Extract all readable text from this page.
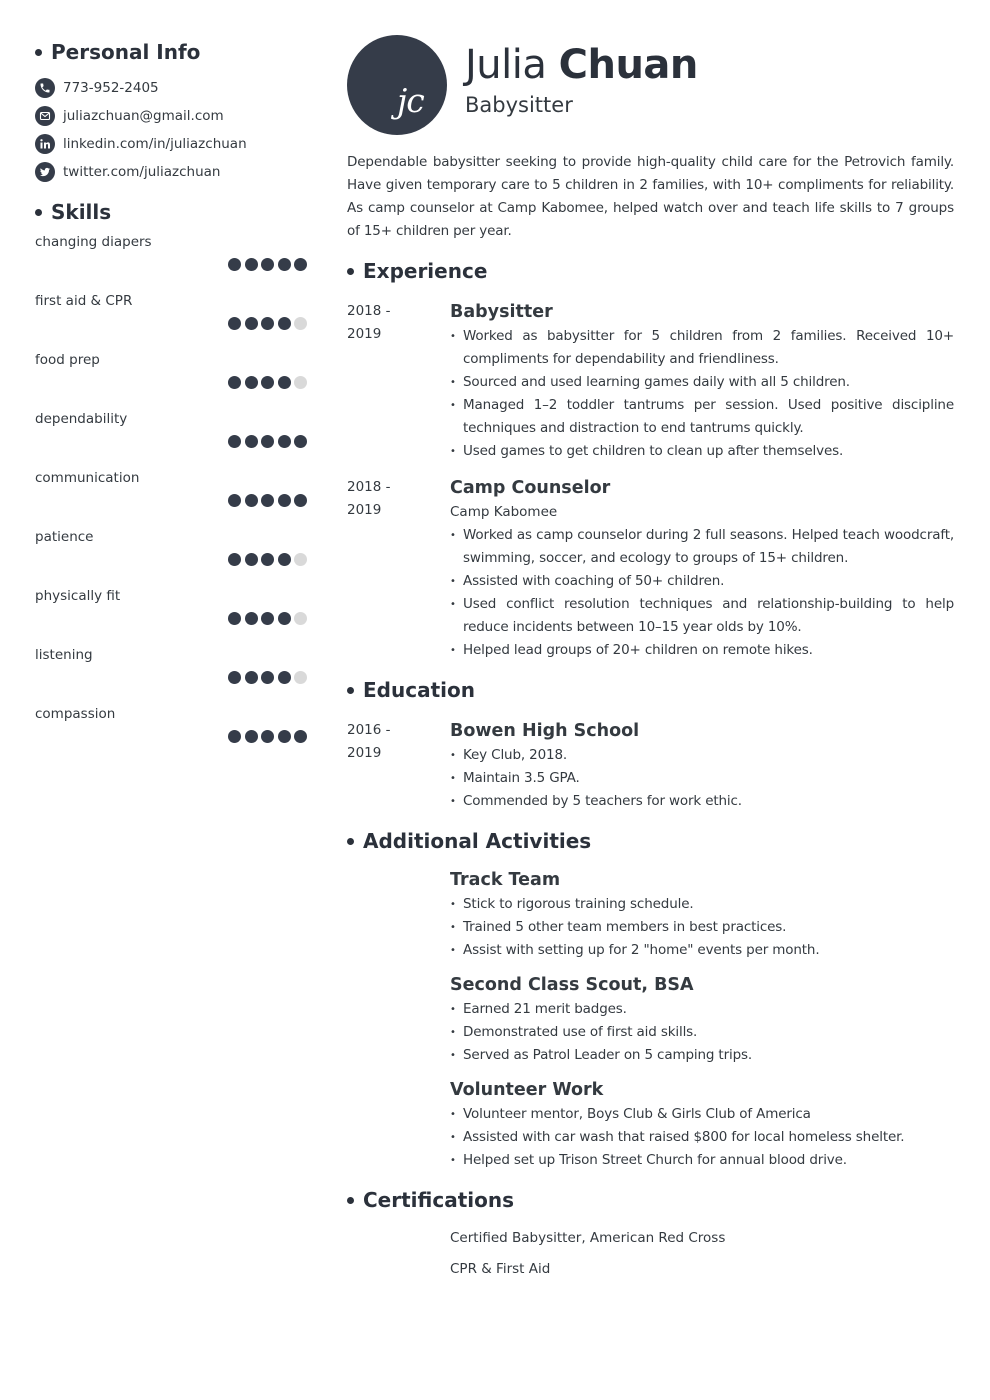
Personal Info
773-952-2405
juliazchuan@gmail.com
linkedin.com/in/juliazchuan
twitter.com/juliazchuan
Skills
changing diapers
first aid & CPR
food prep
dependability
communication
patience
physically fit
listening
compassion
jc
Julia Chuan
Babysitter

Dependable babysitter seeking to provide high-quality child care for the Petrovich family. Have given temporary care to 5 children in 2 families, with 10+ compliments for reliability. As camp counselor at Camp Kabomee, helped watch over and teach life skills to 7 groups of 15+ children per year.

Experience
2018 -
2019
Babysitter
• Worked as babysitter for 5 children from 2 families. Received 10+ compliments for dependability and friendliness.
• Sourced and used learning games daily with all 5 children.
• Managed 1–2 toddler tantrums per session. Used positive discipline techniques and distraction to end tantrums quickly.
• Used games to get children to clean up after themselves.
2018 -
2019
Camp Counselor
Camp Kabomee
• Worked as camp counselor during 2 full seasons. Helped teach woodcraft, swimming, soccer, and ecology to groups of 15+ children.
• Assisted with coaching of 50+ children.
• Used conflict resolution techniques and relationship-building to help reduce incidents between 10–15 year olds by 10%.
• Helped lead groups of 20+ children on remote hikes.
Education
2016 -
2019
Bowen High School
• Key Club, 2018.
• Maintain 3.5 GPA.
• Commended by 5 teachers for work ethic.
Additional Activities
Track Team
• Stick to rigorous training schedule.
• Trained 5 other team members in best practices.
• Assist with setting up for 2 "home" events per month.
Second Class Scout, BSA
• Earned 21 merit badges.
• Demonstrated use of first aid skills.
• Served as Patrol Leader on 5 camping trips.
Volunteer Work
• Volunteer mentor, Boys Club & Girls Club of America
• Assisted with car wash that raised $800 for local homeless shelter.
• Helped set up Trison Street Church for annual blood drive.
Certifications
Certified Babysitter, American Red Cross
CPR & First Aid
